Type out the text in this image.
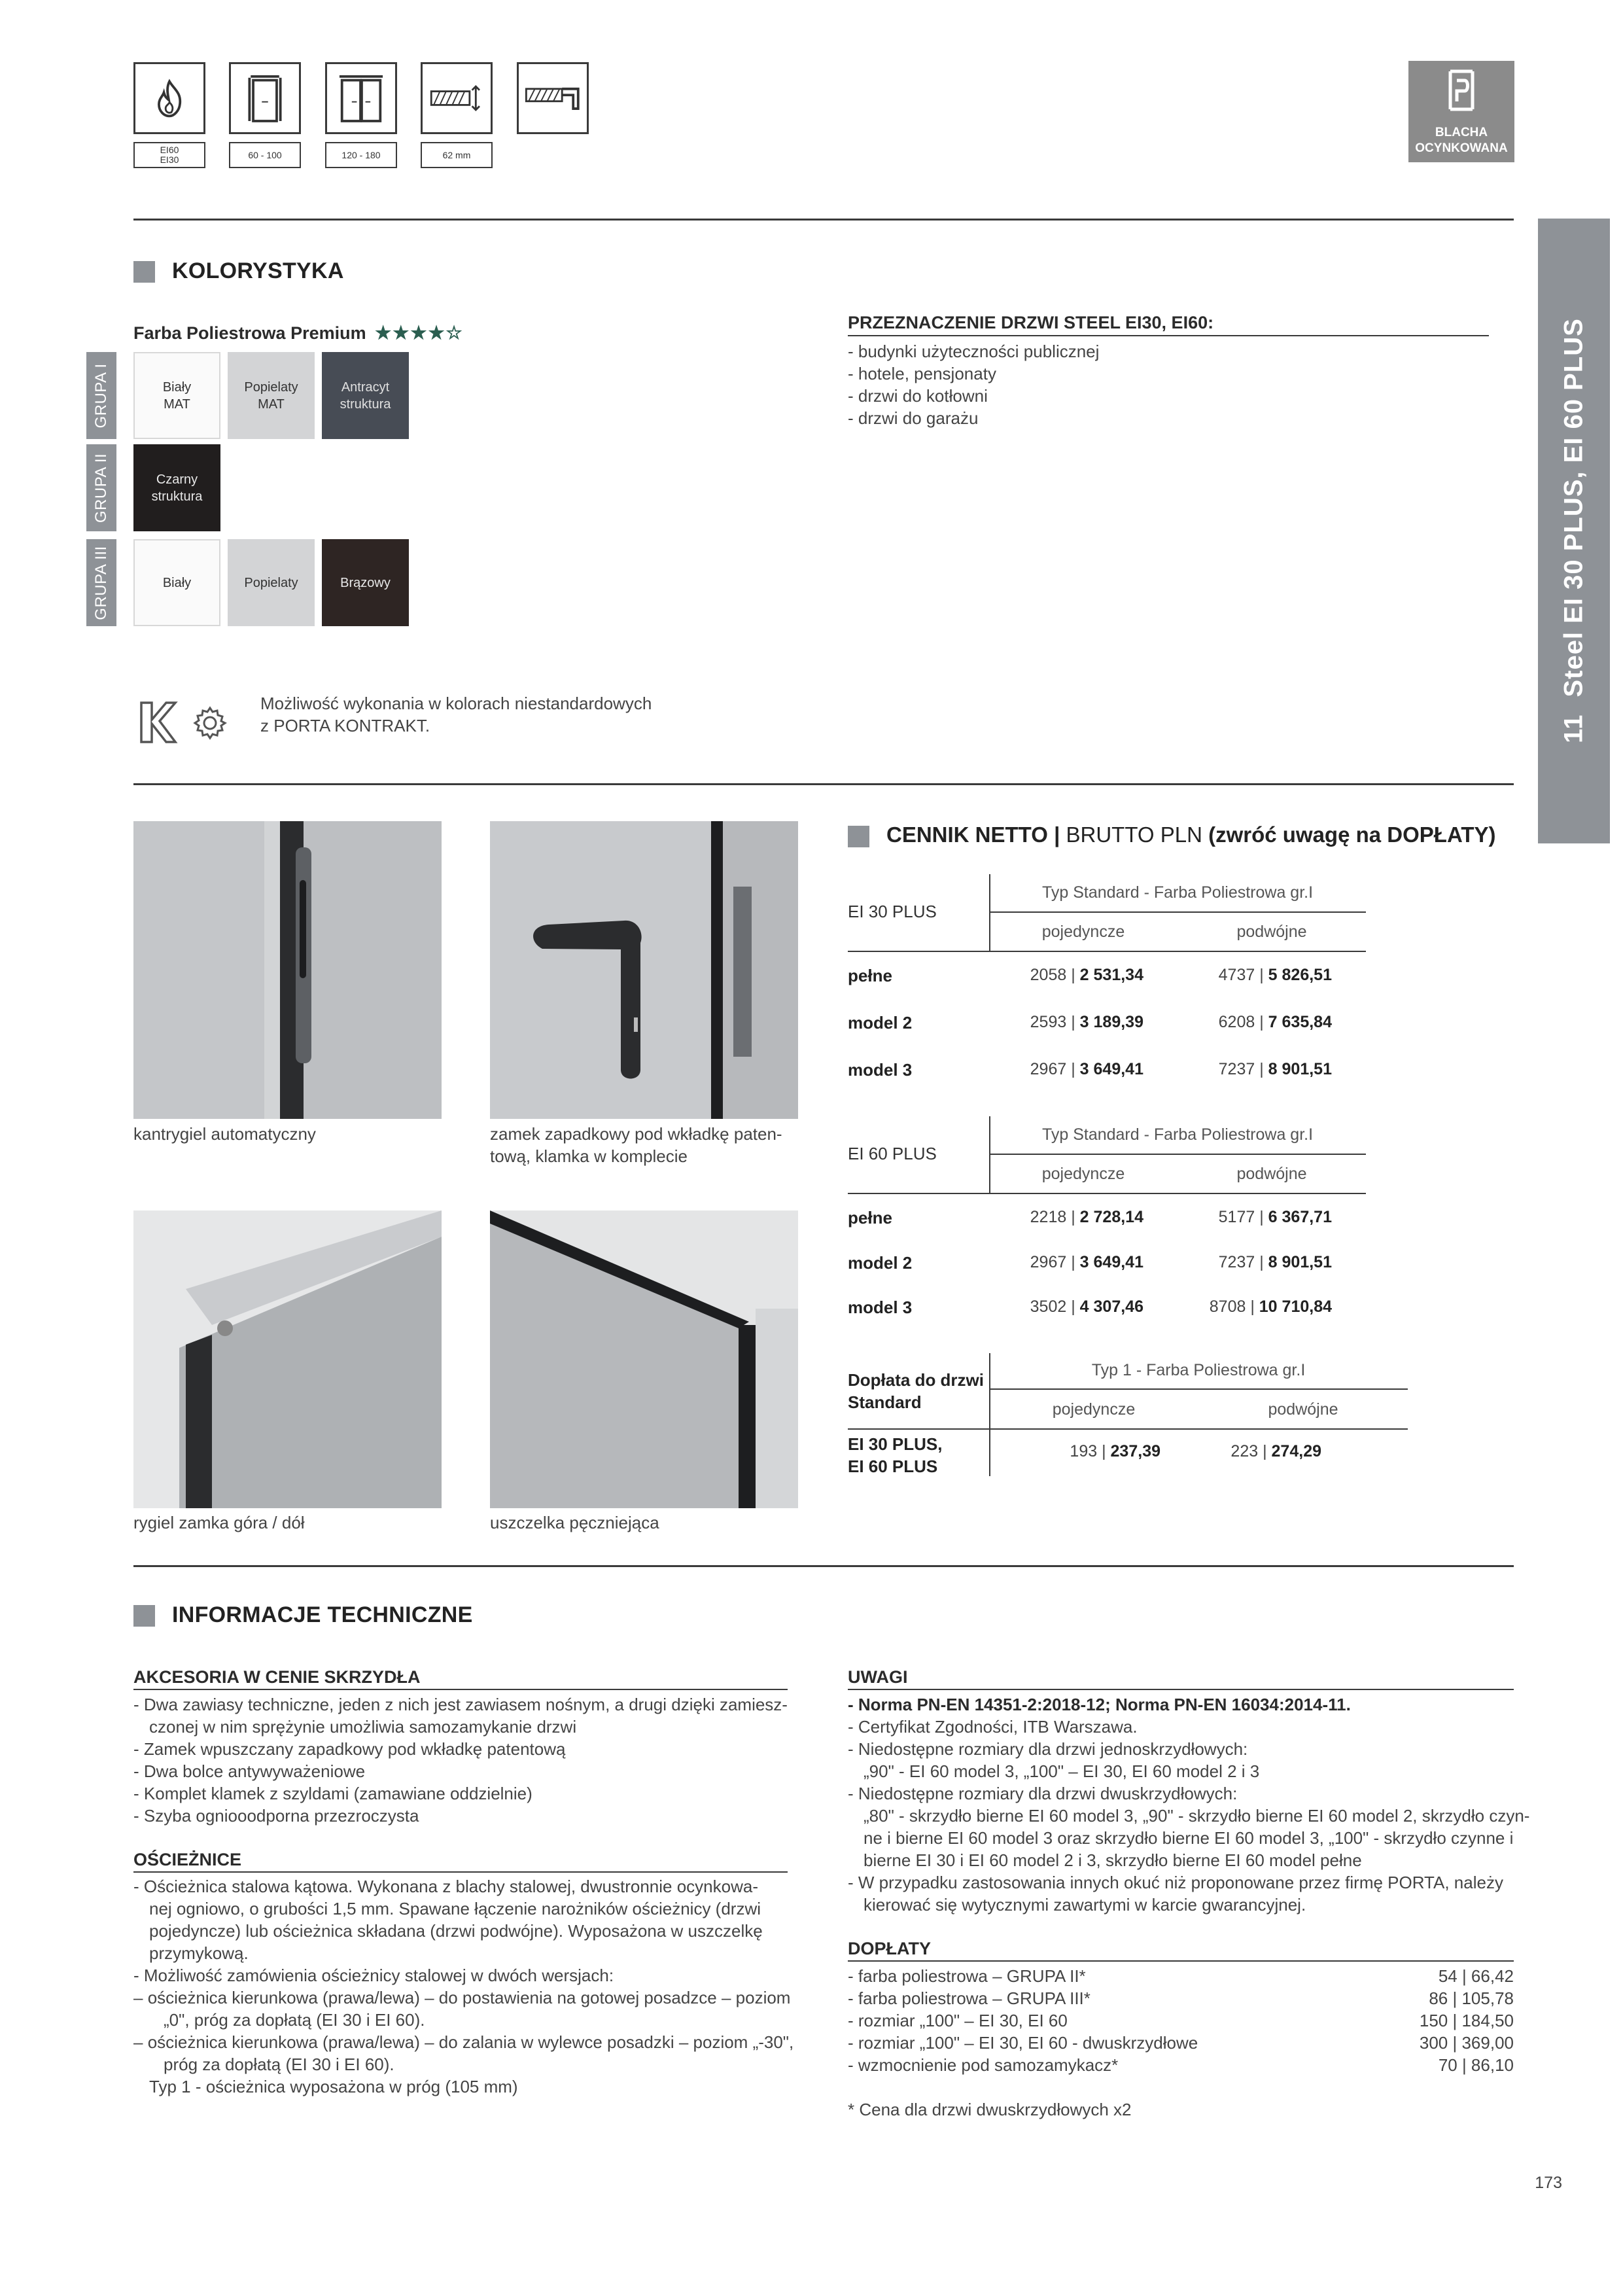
EI60
EI30	60 - 100	120 - 180	62 mm
BLACHA
OCYNKOWANA
11Steel EI 30 PLUS, EI 60 PLUS
KOLORYSTYKA
Farba Poliestrowa Premium ★★★★☆
GRUPA I
GRUPA II
GRUPA III
Biały
MAT
Popielaty
MAT
Antracyt
struktura
Czarny
struktura
Biały	Popielaty	Brązowy
Możliwość wykonania w kolorach niestandardowych
z PORTA KONTRAKT.
PRZEZNACZENIE DRZWI STEEL EI30, EI60:
- budynki użyteczności publicznej
- hotele, pensjonaty
- drzwi do kotłowni
- drzwi do garażu
kantrygiel automatyczny	zamek zapadkowy pod wkładkę paten-
tową, klamka w komplecie
rygiel zamka góra / dół	uszczelka pęczniejąca
CENNIK NETTO | BRUTTO PLN (zwróć uwagę na DOPŁATY)
EI 30 PLUS
Typ Standard - Farba Poliestrowa gr.I
pojedyncze	podwójne
pełne	2058 | 2 531,34	4737 | 5 826,51
model 2	2593 | 3 189,39	6208 | 7 635,84
model 3	2967 | 3 649,41	7237 | 8 901,51
EI 60 PLUS
Typ Standard - Farba Poliestrowa gr.I
pojedyncze	podwójne
pełne	2218 | 2 728,14	5177 | 6 367,71
model 2	2967 | 3 649,41	7237 | 8 901,51
model 3	3502 | 4 307,46	8708 | 10 710,84
Dopłata do drzwi
Standard
Typ 1 - Farba Poliestrowa gr.I
pojedyncze	podwójne
EI 30 PLUS,
EI 60 PLUS
193 | 237,39	223 | 274,29
INFORMACJE TECHNICZNE
AKCESORIA W CENIE SKRZYDŁA
- Dwa zawiasy techniczne, jeden z nich jest zawiasem nośnym, a drugi dzięki zamiesz-
czonej w nim sprężynie umożliwia samozamykanie drzwi
- Zamek wpuszczany zapadkowy pod wkładkę patentową
- Dwa bolce antywyważeniowe
- Komplet klamek z szyldami (zamawiane oddzielnie)
- Szyba ogniooodporna przezroczysta
OŚCIEŻNICE
- Ościeżnica stalowa kątowa. Wykonana z blachy stalowej, dwustronnie ocynkowa-
nej ogniowo, o grubości 1,5 mm. Spawane łączenie narożników ościeżnicy (drzwi
pojedyncze) lub ościeżnica składana (drzwi podwójne). Wyposażona w uszczelkę
przymykową.
- Możliwość zamówienia ościeżnicy stalowej w dwóch wersjach:
– ościeżnica kierunkowa (prawa/lewa) – do postawienia na gotowej posadzce – poziom
„0", próg za dopłatą (EI 30 i EI 60).
– ościeżnica kierunkowa (prawa/lewa) – do zalania w wylewce posadzki – poziom „-30",
próg za dopłatą (EI 30 i EI 60).
Typ 1 - ościeżnica wyposażona w próg (105 mm)
UWAGI
- Norma PN-EN 14351-2:2018-12; Norma PN-EN 16034:2014-11.
- Certyfikat Zgodności, ITB Warszawa.
- Niedostępne rozmiary dla drzwi jednoskrzydłowych:
„90" - EI 60 model 3, „100" – EI 30, EI 60 model 2 i 3
- Niedostępne rozmiary dla drzwi dwuskrzydłowych:
„80" - skrzydło bierne EI 60 model 3, „90" - skrzydło bierne EI 60 model 2, skrzydło czyn-
ne i bierne EI 60 model 3 oraz skrzydło bierne EI 60 model 3, „100" - skrzydło czynne i
bierne EI 30 i EI 60 model 2 i 3, skrzydło bierne EI 60 model pełne
- W przypadku zastosowania innych okuć niż proponowane przez firmę PORTA, należy
kierować się wytycznymi zawartymi w karcie gwarancyjnej.
DOPŁATY
- farba poliestrowa – GRUPA II*	54 | 66,42
- farba poliestrowa – GRUPA III*	86 | 105,78
- rozmiar „100" – EI 30, EI 60	150 | 184,50
- rozmiar „100" – EI 30, EI 60 - dwuskrzydłowe	300 | 369,00
- wzmocnienie pod samozamykacz*	70 | 86,10
* Cena dla drzwi dwuskrzydłowych x2
173
